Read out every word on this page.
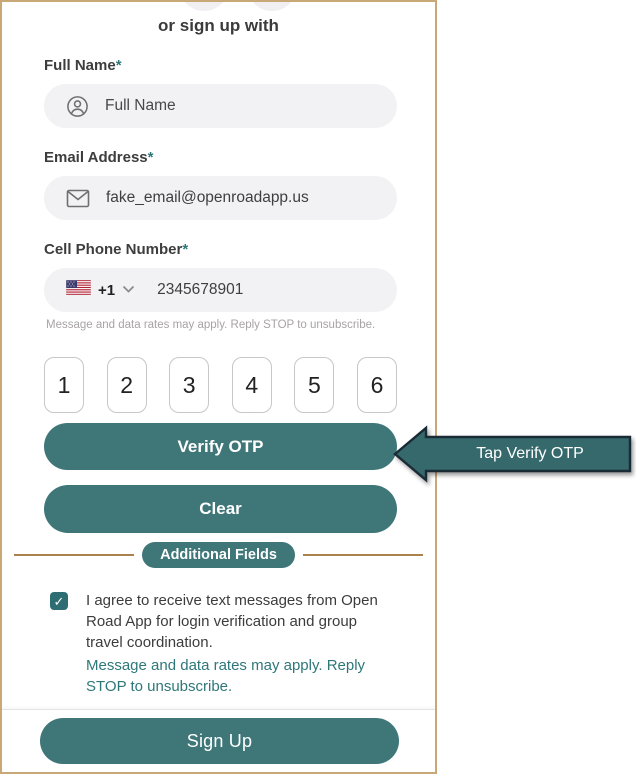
or sign up with
Full Name*
Full Name
Email Address*
fake_email@openroadapp.us
Cell Phone Number*
+1	2345678901
Message and data rates may apply. Reply STOP to unsubscribe.
1	2	3	4	5	6
Verify OTP
Clear
Additional Fields
✓ I agree to receive text messages from Open Road App for login verification and group travel coordination.
Message and data rates may apply. Reply STOP to unsubscribe.
Sign Up
Tap Verify OTP
